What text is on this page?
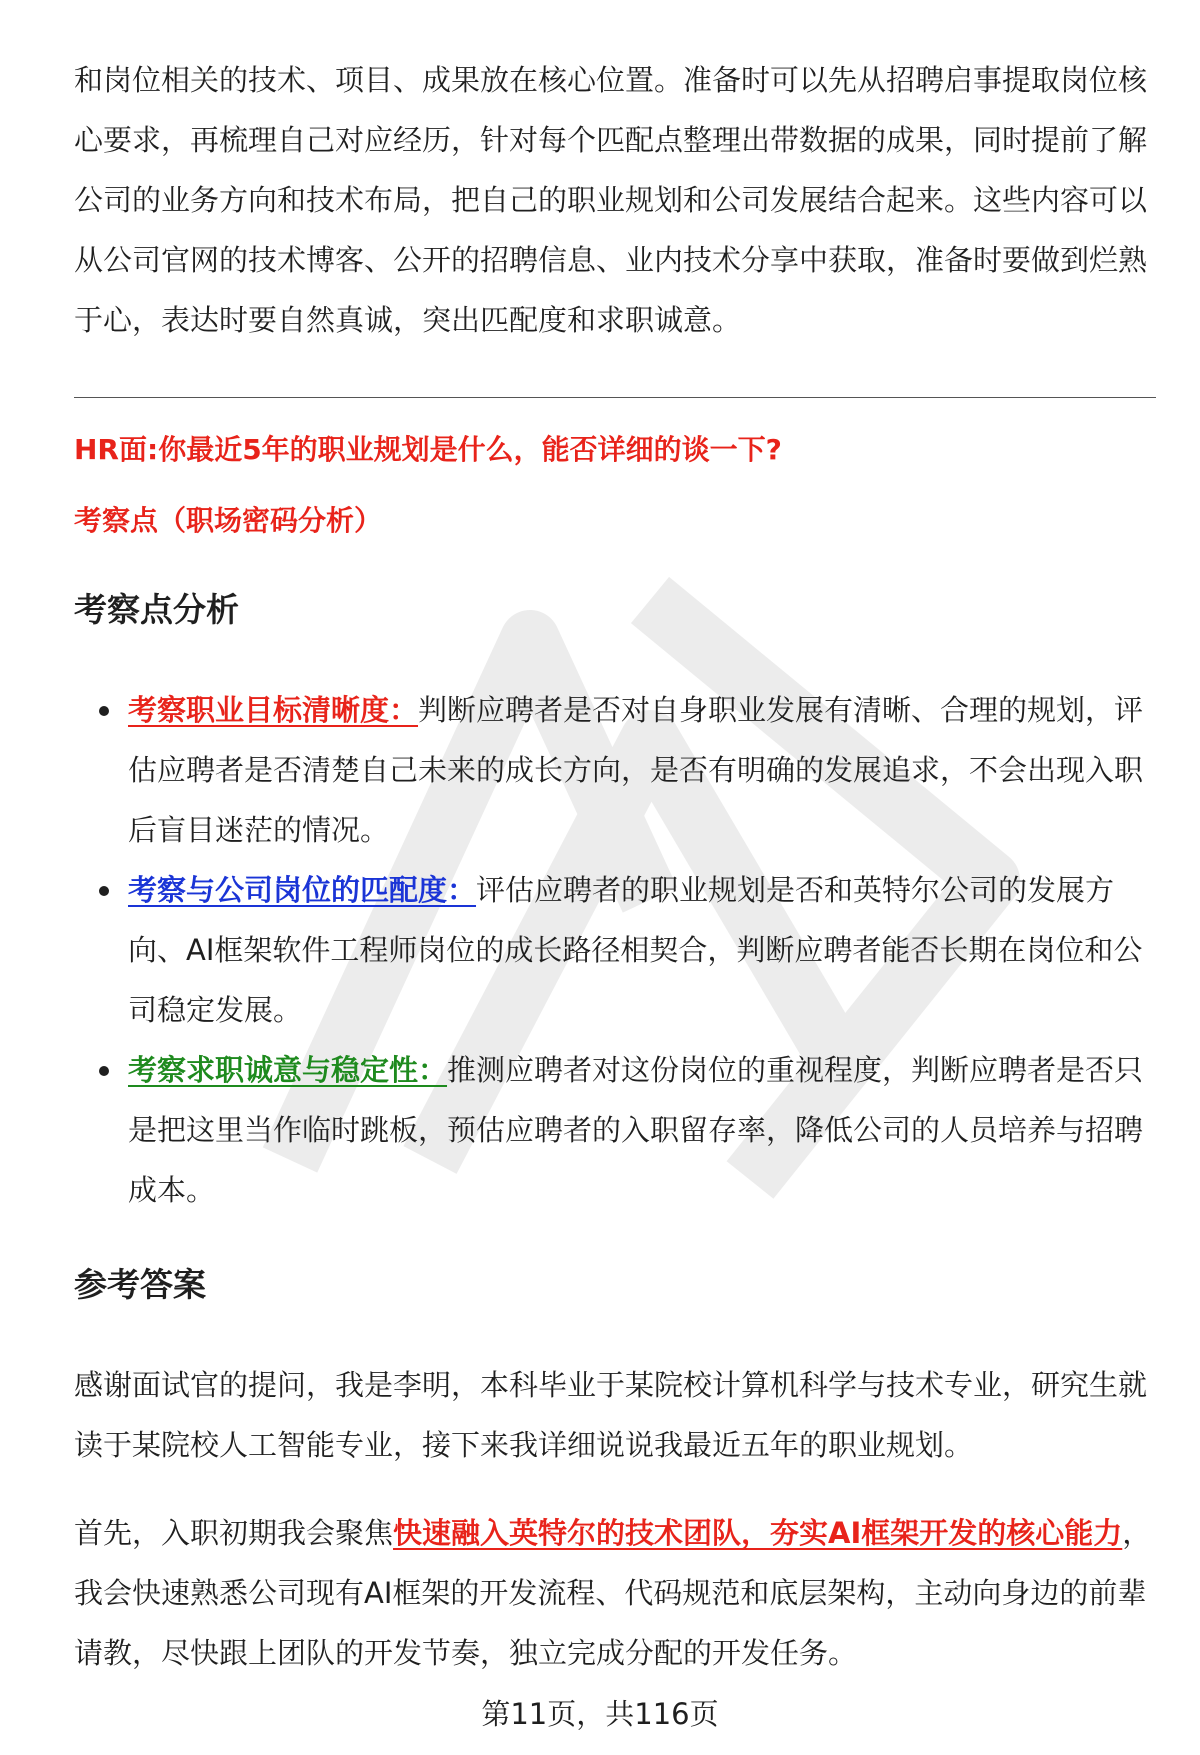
和岗位相关的技术、项目、成果放在核心位置。准备时可以先从招聘启事提取岗位核心要求，再梳理自己对应经历，针对每个匹配点整理出带数据的成果，同时提前了解公司的业务方向和技术布局，把自己的职业规划和公司发展结合起来。这些内容可以从公司官网的技术博客、公开的招聘信息、业内技术分享中获取，准备时要做到烂熟于心，表达时要自然真诚，突出匹配度和求职诚意。

HR面:你最近5年的职业规划是什么，能否详细的谈一下?
考察点（职场密码分析）
考察点分析
考察职业目标清晰度：判断应聘者是否对自身职业发展有清晰、合理的规划，评估应聘者是否清楚自己未来的成长方向，是否有明确的发展追求，不会出现入职后盲目迷茫的情况。
考察与公司岗位的匹配度：评估应聘者的职业规划是否和英特尔公司的发展方向、AI框架软件工程师岗位的成长路径相契合，判断应聘者能否长期在岗位和公司稳定发展。
考察求职诚意与稳定性：推测应聘者对这份岗位的重视程度，判断应聘者是否只是把这里当作临时跳板，预估应聘者的入职留存率，降低公司的人员培养与招聘成本。
参考答案

感谢面试官的提问，我是李明，本科毕业于某院校计算机科学与技术专业，研究生就读于某院校人工智能专业，接下来我详细说说我最近五年的职业规划。

首先，入职初期我会聚焦快速融入英特尔的技术团队，夯实AI框架开发的核心能力，我会快速熟悉公司现有AI框架的开发流程、代码规范和底层架构，主动向身边的前辈请教，尽快跟上团队的开发节奏，独立完成分配的开发任务。

第11页，共116页
